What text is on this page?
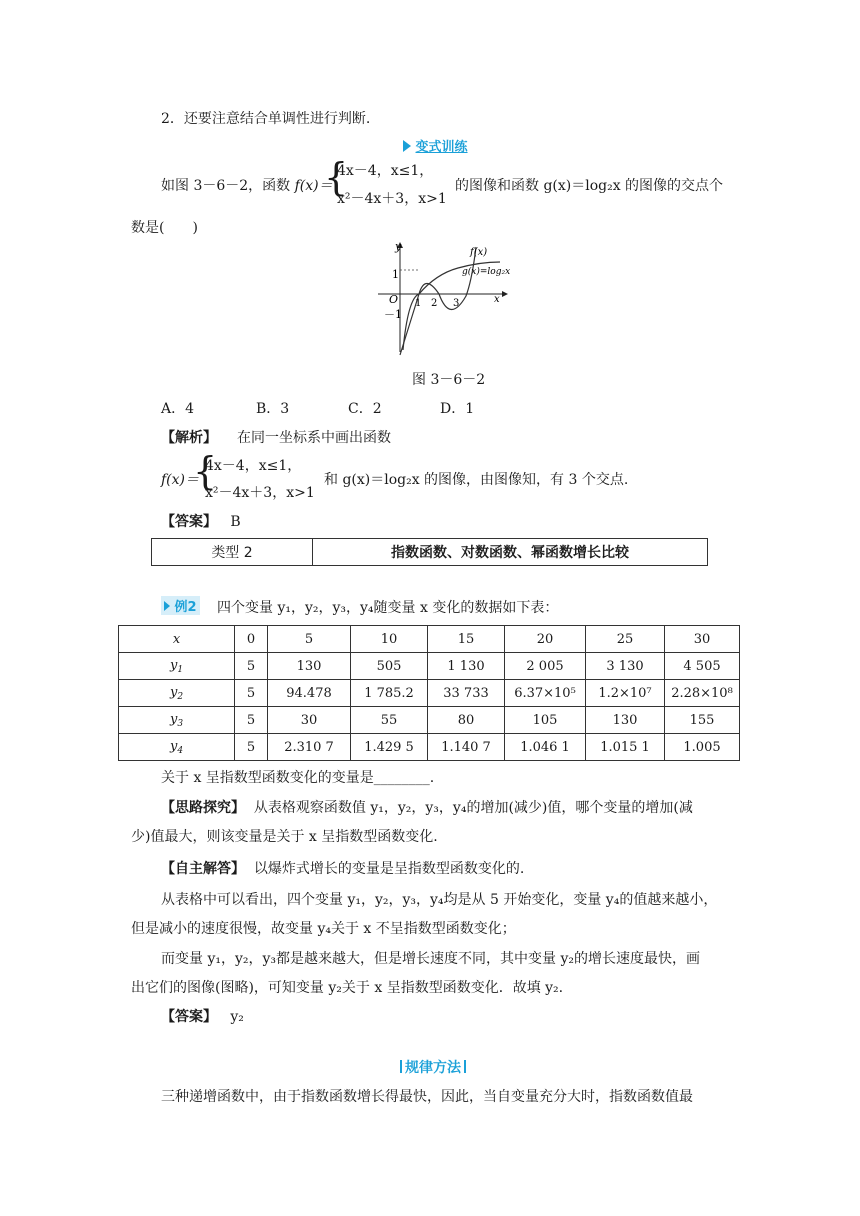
2．还要注意结合单调性进行判断.
变式训练
如图 3－6－2，函数 f(x)＝
{
4x－4，x≤1，
x²－4x＋3，x>1
的图像和函数 g(x)＝log₂x 的图像的交点个
数是(　　)
y
x
O
1
－1
1 2 3
f(x)
g(x)=log₂x
图 3－6－2
A．4	B．3	C．2	D．1
【解析】 在同一坐标系中画出函数
f(x)＝
{
4x－4，x≤1，
x²－4x＋3，x>1
和 g(x)＝log₂x 的图像，由图像知，有 3 个交点.
【答案】 B
类型 2	指数函数、对数函数、幂函数增长比较
例2 四个变量 y₁，y₂，y₃，y₄随变量 x 变化的数据如下表：
x	0	5	10	15	20	25	30
$y_1$	5	130	505	1 130	2 005	3 130	4 505
$y_2$	5	94.478	1 785.2	33 733	6.37×10⁵	1.2×10⁷	2.28×10⁸
$y_3$	5	30	55	80	105	130	155
$y_4$	5	2.310 7	1.429 5	1.140 7	1.046 1	1.015 1	1.005
关于 x 呈指数型函数变化的变量是________.
【思路探究】 从表格观察函数值 y₁，y₂，y₃，y₄的增加(减少)值，哪个变量的增加(减
少)值最大，则该变量是关于 x 呈指数型函数变化.
【自主解答】 以爆炸式增长的变量是呈指数型函数变化的.
从表格中可以看出，四个变量 y₁，y₂，y₃，y₄均是从 5 开始变化，变量 y₄的值越来越小，
但是减小的速度很慢，故变量 y₄关于 x 不呈指数型函数变化；
而变量 y₁，y₂，y₃都是越来越大，但是增长速度不同，其中变量 y₂的增长速度最快，画
出它们的图像(图略)，可知变量 y₂关于 x 呈指数型函数变化．故填 y₂.
【答案】 y₂
规律方法
三种递增函数中，由于指数函数增长得最快，因此，当自变量充分大时，指数函数值最
